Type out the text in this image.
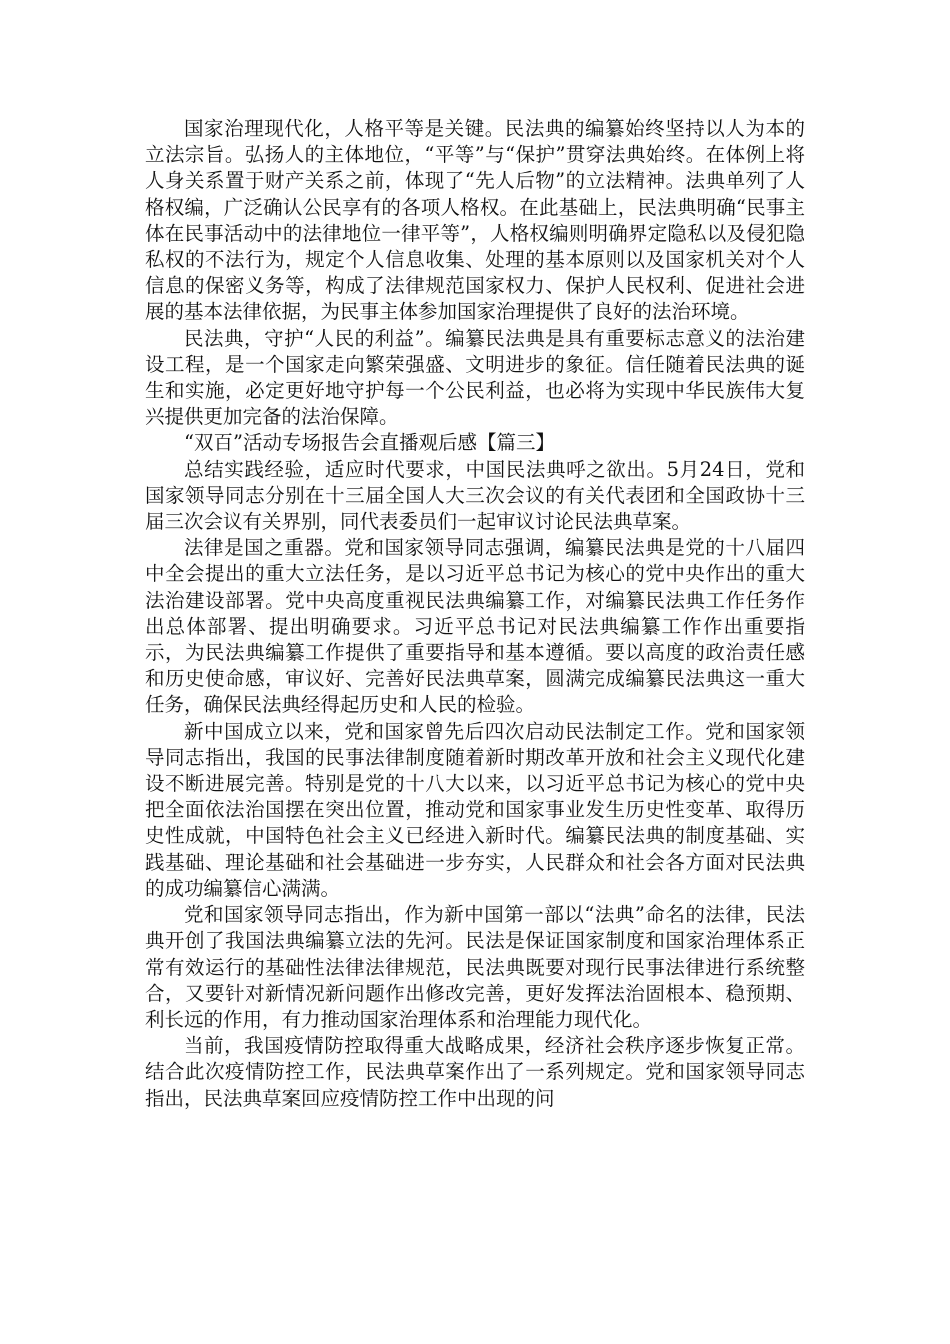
国家治理现代化，人格平等是关键。民法典的编纂始终坚持以人为本的立法宗旨。弘扬人的主体地位，“平等”与“保护”贯穿法典始终。在体例上将人身关系置于财产关系之前，体现了“先人后物”的立法精神。法典单列了人格权编，广泛确认公民享有的各项人格权。在此基础上，民法典明确“民事主体在民事活动中的法律地位一律平等”，人格权编则明确界定隐私以及侵犯隐私权的不法行为，规定个人信息收集、处理的基本原则以及国家机关对个人信息的保密义务等，构成了法律规范国家权力、保护人民权利、促进社会进展的基本法律依据，为民事主体参加国家治理提供了良好的法治环境。

民法典，守护“人民的利益”。编纂民法典是具有重要标志意义的法治建设工程，是一个国家走向繁荣强盛、文明进步的象征。信任随着民法典的诞生和实施，必定更好地守护每一个公民利益，也必将为实现中华民族伟大复兴提供更加完备的法治保障。

“双百”活动专场报告会直播观后感【篇三】

总结实践经验，适应时代要求，中国民法典呼之欲出。5月24日，党和国家领导同志分别在十三届全国人大三次会议的有关代表团和全国政协十三届三次会议有关界别，同代表委员们一起审议讨论民法典草案。

法律是国之重器。党和国家领导同志强调，编纂民法典是党的十八届四中全会提出的重大立法任务，是以习近平总书记为核心的党中央作出的重大法治建设部署。党中央高度重视民法典编纂工作，对编纂民法典工作任务作出总体部署、提出明确要求。习近平总书记对民法典编纂工作作出重要指示，为民法典编纂工作提供了重要指导和基本遵循。要以高度的政治责任感和历史使命感，审议好、完善好民法典草案，圆满完成编纂民法典这一重大任务，确保民法典经得起历史和人民的检验。

新中国成立以来，党和国家曾先后四次启动民法制定工作。党和国家领导同志指出，我国的民事法律制度随着新时期改革开放和社会主义现代化建设不断进展完善。特别是党的十八大以来，以习近平总书记为核心的党中央把全面依法治国摆在突出位置，推动党和国家事业发生历史性变革、取得历史性成就，中国特色社会主义已经进入新时代。编纂民法典的制度基础、实践基础、理论基础和社会基础进一步夯实，人民群众和社会各方面对民法典的成功编纂信心满满。

党和国家领导同志指出，作为新中国第一部以“法典”命名的法律，民法典开创了我国法典编纂立法的先河。民法是保证国家制度和国家治理体系正常有效运行的基础性法律法律规范，民法典既要对现行民事法律进行系统整合，又要针对新情况新问题作出修改完善，更好发挥法治固根本、稳预期、利长远的作用，有力推动国家治理体系和治理能力现代化。

当前，我国疫情防控取得重大战略成果，经济社会秩序逐步恢复正常。结合此次疫情防控工作，民法典草案作出了一系列规定。党和国家领导同志指出，民法典草案回应疫情防控工作中出现的问
